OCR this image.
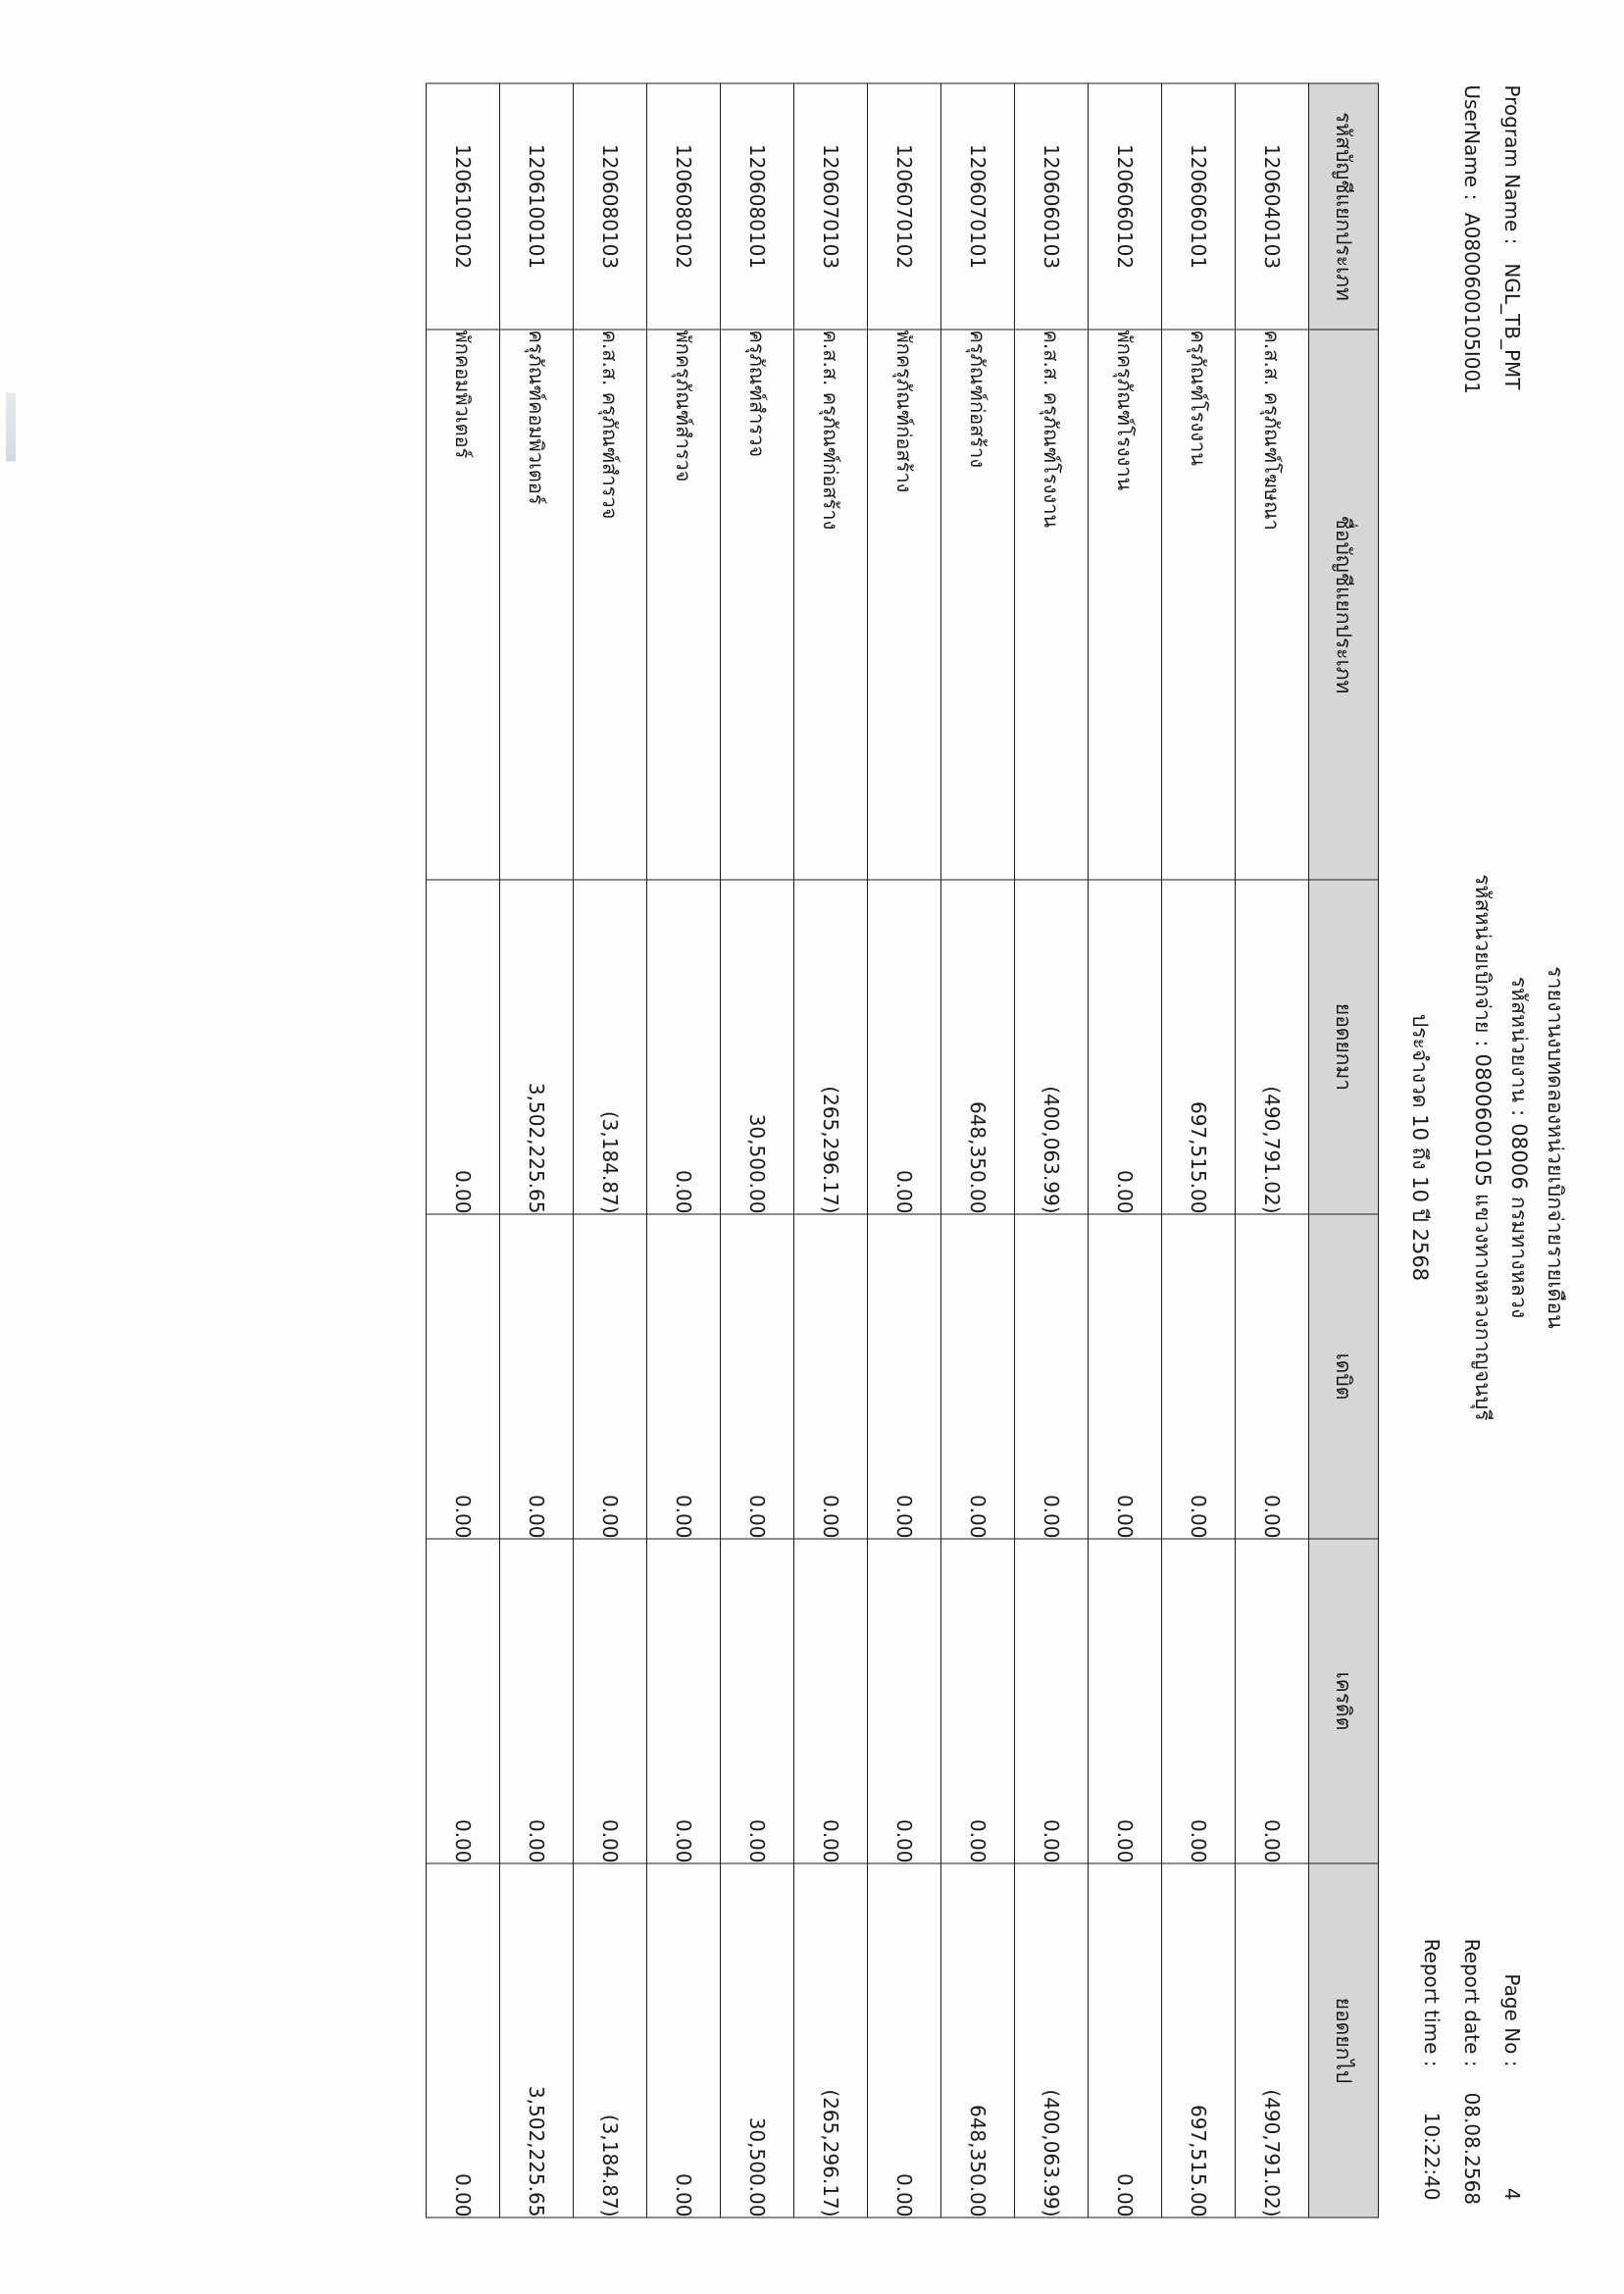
รายงานงบทดลองหน่วยเบิกจ่ายรายเดือน
รหัสหน่วยงาน : 08006 กรมทางหลวง
รหัสหน่วยเบิกจ่าย : 0800600105 แขวงทางหลวงกาญจนบุรี
Program Name :   NGL_TB_PMT
UserName :  A0800600105I001
Page No :
4
Report date :
08.08.2568
Report time :
10:22:40
ประจำงวด 10 ถึง 10 ปี 2568
รหัสบัญชีแยกประเภท	ชื่อบัญชีแยกประเภท	ยอดยกมา	เดบิต	เครดิต	ยอดยกไป
1206040103	ค.ส.ส. ครุภัณฑ์โฆษณา	(490,791.02)	0.00	0.00	(490,791.02)
1206060101	ครุภัณฑ์โรงงาน	697,515.00	0.00	0.00	697,515.00
1206060102	พักครุภัณฑ์โรงงาน	0.00	0.00	0.00	0.00
1206060103	ค.ส.ส. ครุภัณฑ์โรงงาน	(400,063.99)	0.00	0.00	(400,063.99)
1206070101	ครุภัณฑ์ก่อสร้าง	648,350.00	0.00	0.00	648,350.00
1206070102	พักครุภัณฑ์ก่อสร้าง	0.00	0.00	0.00	0.00
1206070103	ค.ส.ส. ครุภัณฑ์ก่อสร้าง	(265,296.17)	0.00	0.00	(265,296.17)
1206080101	ครุภัณฑ์สำรวจ	30,500.00	0.00	0.00	30,500.00
1206080102	พักครุภัณฑ์สำรวจ	0.00	0.00	0.00	0.00
1206080103	ค.ส.ส. ครุภัณฑ์สำรวจ	(3,184.87)	0.00	0.00	(3,184.87)
1206100101	ครุภัณฑ์คอมพิวเตอร์	3,502,225.65	0.00	0.00	3,502,225.65
1206100102	พักคอมพิวเตอร์	0.00	0.00	0.00	0.00
